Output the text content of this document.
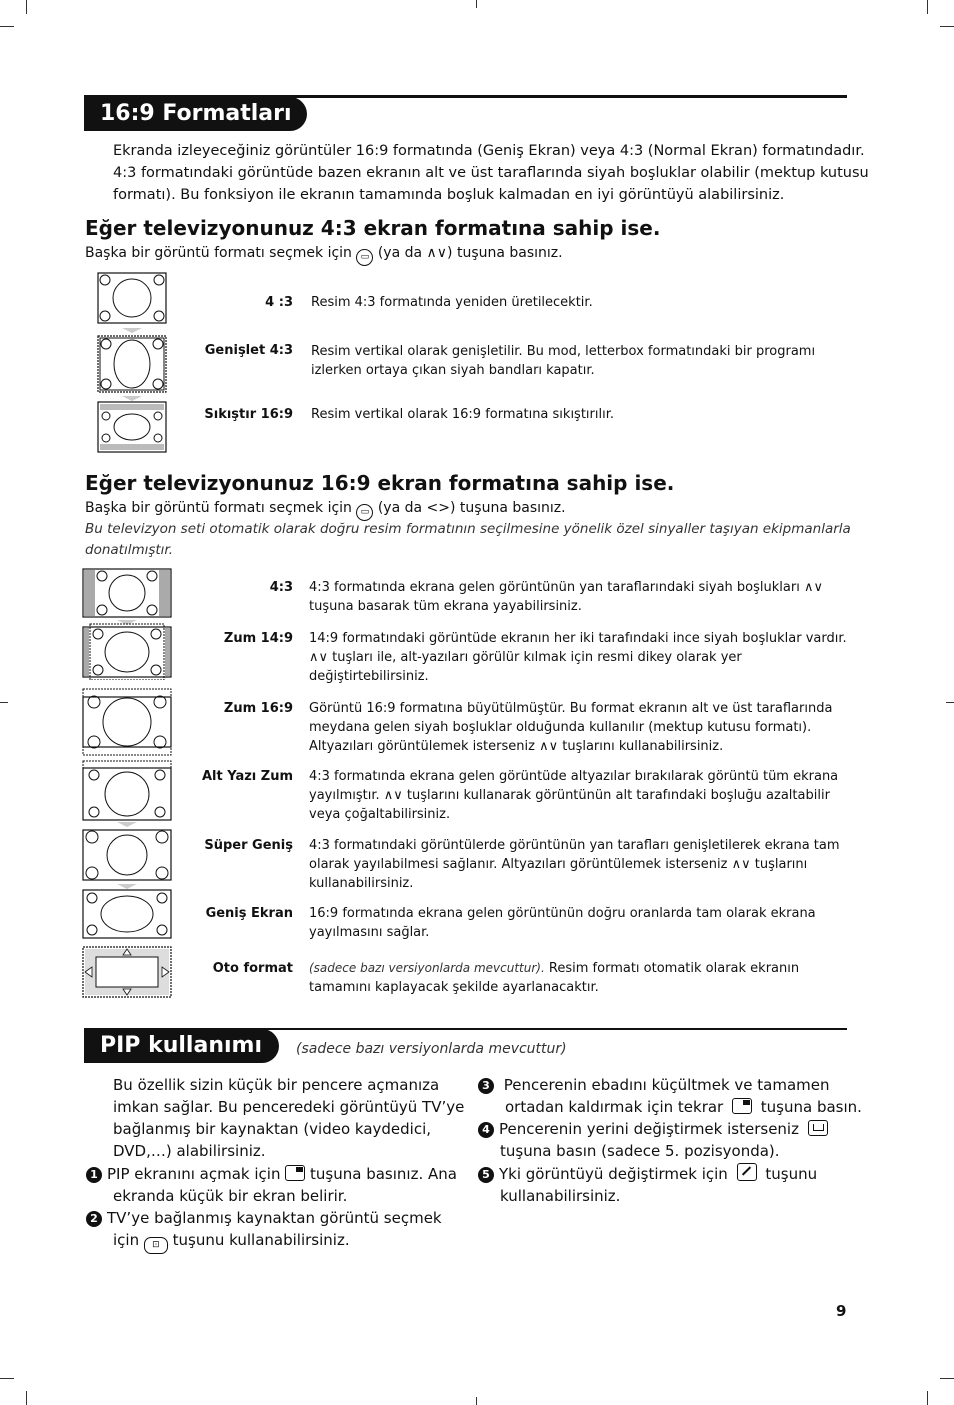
16:9 Formatları
Ekranda izleyeceğiniz görüntüler 16:9 formatında (Geniş Ekran) veya 4:3 (Normal Ekran) formatındadır.
4:3 formatındaki görüntüde bazen ekranın alt ve üst taraflarında siyah boşluklar olabilir (mektup kutusu
formatı). Bu fonksiyon ile ekranın tamamında boşluk kalmadan en iyi görüntüyü alabilirsiniz.
Eğer televizyonunuz 4:3 ekran formatına sahip ise.
Başka bir görüntü formatı seçmek için ▭ (ya da ∧∨) tuşuna basınız.
4 :3 Resim 4:3 formatında yeniden üretilecektir.
Genişlet 4:3 Resim vertikal olarak genişletilir. Bu mod, letterbox formatındaki bir programı
izlerken ortaya çıkan siyah bandları kapatır.
Sıkıştır 16:9 Resim vertikal olarak 16:9 formatına sıkıştırılır.
Eğer televizyonunuz 16:9 ekran formatına sahip ise.
Başka bir görüntü formatı seçmek için ▭ (ya da <>) tuşuna basınız.
Bu televizyon seti otomatik olarak doğru resim formatının seçilmesine yönelik özel sinyaller taşıyan ekipmanlarla
donatılmıştır.
4:3 4:3 formatında ekrana gelen görüntünün yan taraflarındaki siyah boşlukları ∧∨
tuşuna basarak tüm ekrana yayabilirsiniz.
Zum 14:9 14:9 formatındaki görüntüde ekranın her iki tarafındaki ince siyah boşluklar vardır.
∧∨ tuşları ile, alt-yazıları görülür kılmak için resmi dikey olarak yer
değiştirtebilirsiniz.
Zum 16:9 Görüntü 16:9 formatına büyütülmüştür. Bu format ekranın alt ve üst taraflarında
meydana gelen siyah boşluklar olduğunda kullanılır (mektup kutusu formatı).
Altyazıları görüntülemek isterseniz ∧∨ tuşlarını kullanabilirsiniz.
Alt Yazı Zum 4:3 formatında ekrana gelen görüntüde altyazılar bırakılarak görüntü tüm ekrana
yayılmıştır. ∧∨ tuşlarını kullanarak görüntünün alt tarafındaki boşluğu azaltabilir
veya çoğaltabilirsiniz.
Süper Geniş 4:3 formatındaki görüntülerde görüntünün yan tarafları genişletilerek ekrana tam
olarak yayılabilmesi sağlanır. Altyazıları görüntülemek isterseniz ∧∨ tuşlarını
kullanabilirsiniz.
Geniş Ekran 16:9 formatında ekrana gelen görüntünün doğru oranlarda tam olarak ekrana
yayılmasını sağlar.
Oto format (sadece bazı versiyonlarda mevcuttur). Resim formatı otomatik olarak ekranın
tamamını kaplayacak şekilde ayarlanacaktır.
PIP kullanımı	(sadece bazı versiyonlarda mevcuttur)
Bu özellik sizin küçük bir pencere açmanıza
imkan sağlar. Bu penceredeki görüntüyü TV’ye
bağlanmış bir kaynaktan (video kaydedici,
DVD,…) alabilirsiniz.
1 PIP ekranını açmak için tuşuna basınız. Ana
ekranda küçük bir ekran belirir.
2 TV’ye bağlanmış kaynaktan görüntü seçmek
için ⊡ tuşunu kullanabilirsiniz.
3 Pencerenin ebadını küçültmek ve tamamen
ortadan kaldırmak için tekrar	tuşuna basın.
4 Pencerenin yerini değiştirmek isterseniz
tuşuna basın (sadece 5. pozisyonda).
5 Yki görüntüyü değiştirmek için	tuşunu
kullanabilirsiniz.
9
